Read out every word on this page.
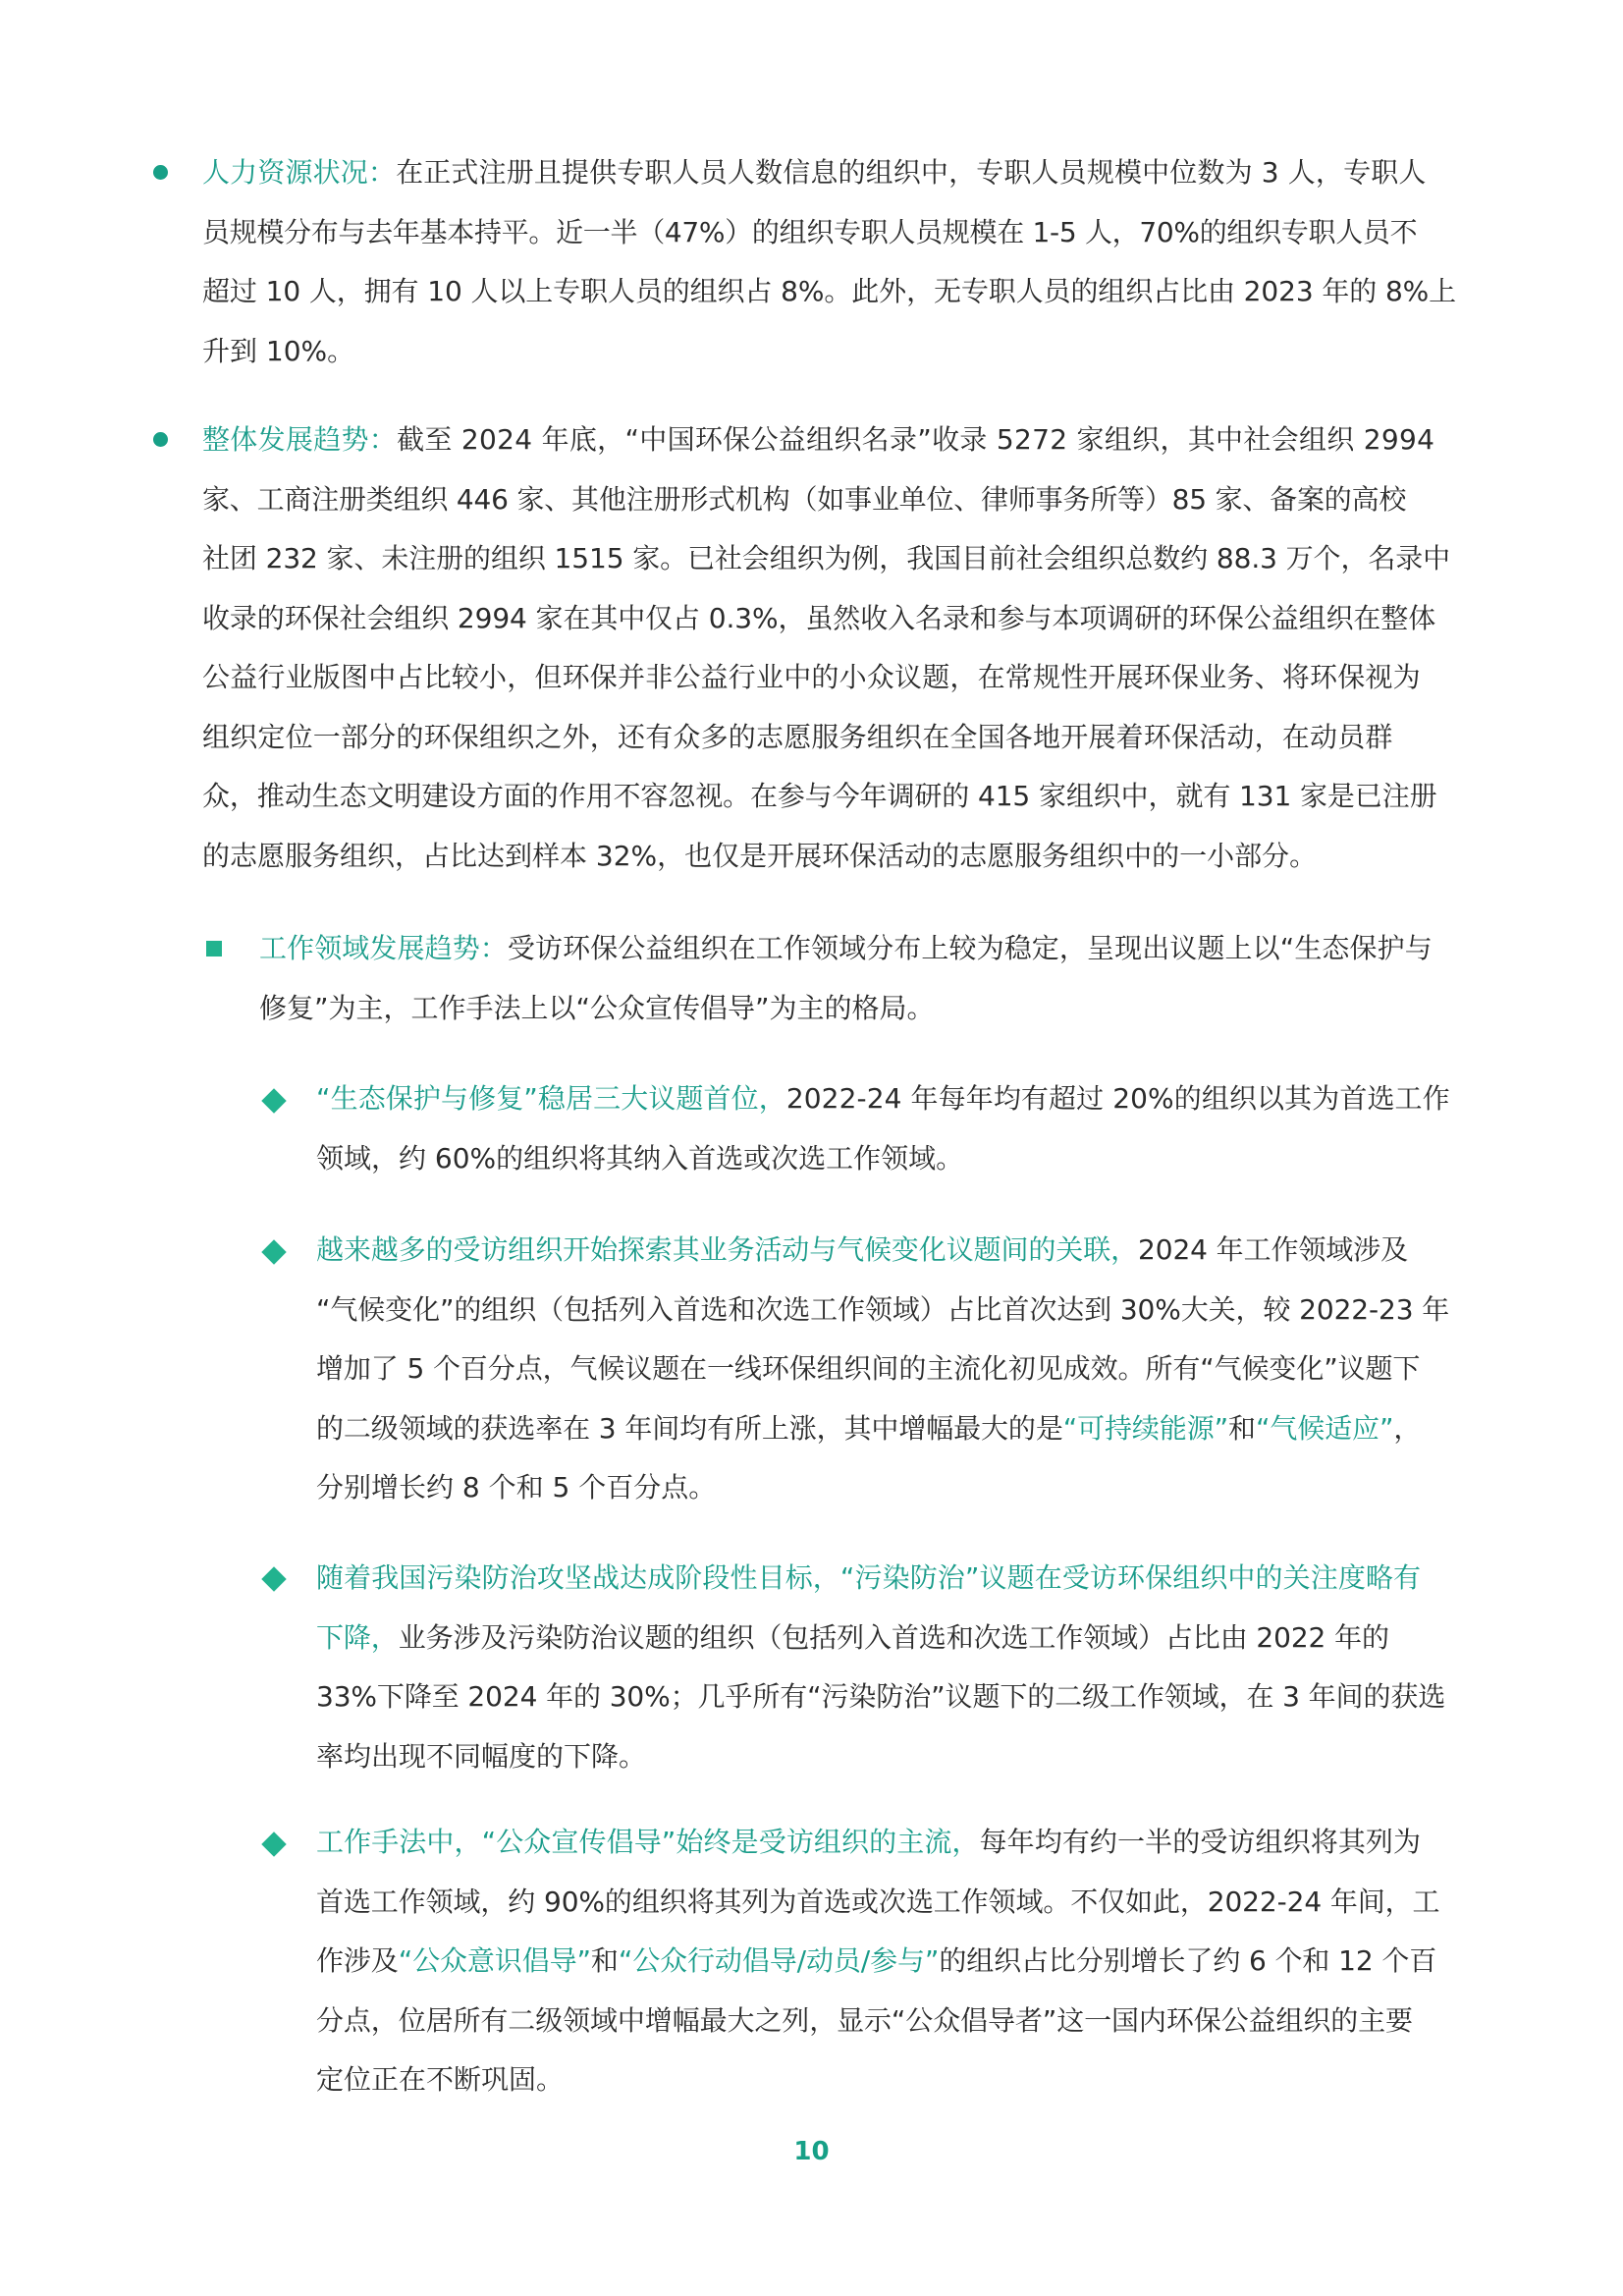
人力资源状况：在正式注册且提供专职人员人数信息的组织中，专职人员规模中位数为 3 人，专职人
员规模分布与去年基本持平。近一半（47%）的组织专职人员规模在 1-5 人，70%的组织专职人员不
超过 10 人，拥有 10 人以上专职人员的组织占 8%。此外，无专职人员的组织占比由 2023 年的 8%上
升到 10%。
整体发展趋势：截至 2024 年底，“中国环保公益组织名录”收录 5272 家组织，其中社会组织 2994
家、工商注册类组织 446 家、其他注册形式机构（如事业单位、律师事务所等）85 家、备案的高校
社团 232 家、未注册的组织 1515 家。已社会组织为例，我国目前社会组织总数约 88.3 万个，名录中
收录的环保社会组织 2994 家在其中仅占 0.3%，虽然收入名录和参与本项调研的环保公益组织在整体
公益行业版图中占比较小，但环保并非公益行业中的小众议题，在常规性开展环保业务、将环保视为
组织定位一部分的环保组织之外，还有众多的志愿服务组织在全国各地开展着环保活动，在动员群
众，推动生态文明建设方面的作用不容忽视。在参与今年调研的 415 家组织中，就有 131 家是已注册
的志愿服务组织，占比达到样本 32%，也仅是开展环保活动的志愿服务组织中的一小部分。
工作领域发展趋势：受访环保公益组织在工作领域分布上较为稳定，呈现出议题上以“生态保护与
修复”为主，工作手法上以“公众宣传倡导”为主的格局。
“生态保护与修复”稳居三大议题首位，2022-24 年每年均有超过 20%的组织以其为首选工作
领域，约 60%的组织将其纳入首选或次选工作领域。
越来越多的受访组织开始探索其业务活动与气候变化议题间的关联，2024 年工作领域涉及
“气候变化”的组织（包括列入首选和次选工作领域）占比首次达到 30%大关，较 2022-23 年
增加了 5 个百分点，气候议题在一线环保组织间的主流化初见成效。所有“气候变化”议题下
的二级领域的获选率在 3 年间均有所上涨，其中增幅最大的是“可持续能源”和“气候适应”，
分别增长约 8 个和 5 个百分点。
随着我国污染防治攻坚战达成阶段性目标，“污染防治”议题在受访环保组织中的关注度略有
下降，业务涉及污染防治议题的组织（包括列入首选和次选工作领域）占比由 2022 年的
33%下降至 2024 年的 30%；几乎所有“污染防治”议题下的二级工作领域，在 3 年间的获选
率均出现不同幅度的下降。
工作手法中，“公众宣传倡导”始终是受访组织的主流，每年均有约一半的受访组织将其列为
首选工作领域，约 90%的组织将其列为首选或次选工作领域。不仅如此，2022-24 年间，工
作涉及“公众意识倡导”和“公众行动倡导/动员/参与”的组织占比分别增长了约 6 个和 12 个百
分点，位居所有二级领域中增幅最大之列，显示“公众倡导者”这一国内环保公益组织的主要
定位正在不断巩固。
10
